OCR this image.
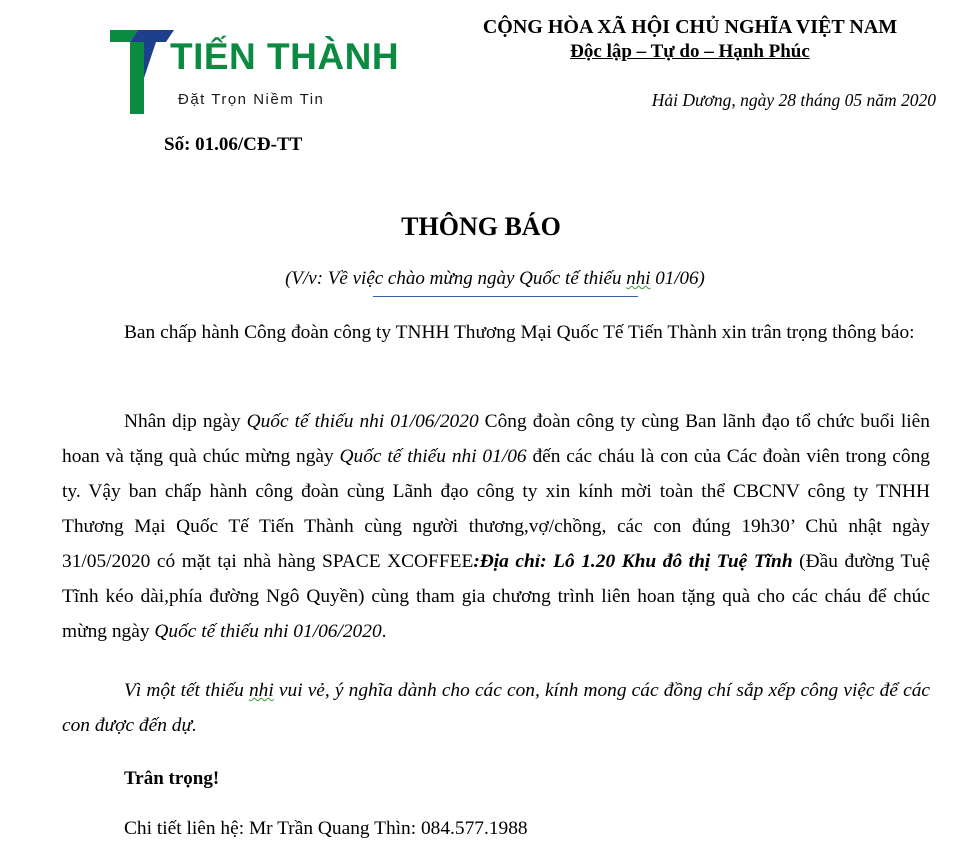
TIẾN THÀNH
Đặt Trọn Niềm Tin
CỘNG HÒA XÃ HỘI CHỦ NGHĨA VIỆT NAM
Độc lập – Tự do – Hạnh Phúc
Hải Dương, ngày 28 tháng 05 năm 2020
Số: 01.06/CĐ-TT
THÔNG BÁO
(V/v: Về việc chào mừng ngày Quốc tế thiếu nhi 01/06)
Ban chấp hành Công đoàn công ty TNHH Thương Mại Quốc Tế Tiến Thành xin trân trọng thông báo:
Nhân dịp ngày Quốc tế thiếu nhi 01/06/2020 Công đoàn công ty cùng Ban lãnh đạo tổ chức buổi liên hoan và tặng quà chúc mừng ngày Quốc tế thiếu nhi 01/06 đến các cháu là con của Các đoàn viên trong công ty. Vậy ban chấp hành công đoàn cùng Lãnh đạo công ty xin kính mời toàn thể CBCNV công ty TNHH Thương Mại Quốc Tế Tiến Thành cùng người thương,vợ/chồng, các con đúng 19h30’ Chủ nhật ngày 31/05/2020 có mặt tại nhà hàng SPACE XCOFFEE:Địa chỉ: Lô 1.20 Khu đô thị Tuệ Tĩnh (Đầu đường Tuệ Tĩnh kéo dài,phía đường Ngô Quyền) cùng tham gia chương trình liên hoan tặng quà cho các cháu để chúc mừng ngày Quốc tế thiếu nhi 01/06/2020.
Vì một tết thiếu nhi vui vẻ, ý nghĩa dành cho các con, kính mong các đồng chí sắp xếp công việc để các con được đến dự.
Trân trọng!
Chi tiết liên hệ: Mr Trần Quang Thìn: 084.577.1988
